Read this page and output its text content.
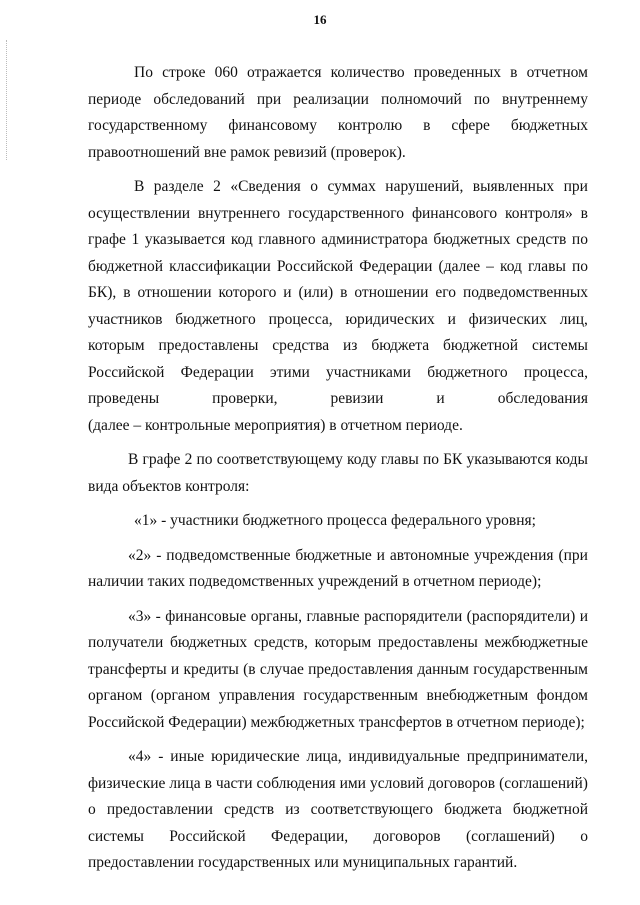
16
По строке 060 отражается количество проведенных в отчетном
периоде обследований при реализации полномочий по внутреннему
государственному финансовому контролю в сфере бюджетных
правоотношений вне рамок ревизий (проверок).
В разделе 2 «Сведения о суммах нарушений, выявленных при
осуществлении внутреннего государственного финансового контроля» в
графе 1 указывается код главного администратора бюджетных средств по
бюджетной классификации Российской Федерации (далее – код главы по
БК), в отношении которого и (или) в отношении его подведомственных
участников бюджетного процесса, юридических и физических лиц,
которым предоставлены средства из бюджета бюджетной системы
Российской Федерации этими участниками бюджетного процесса,
проведены	проверки,	ревизии	и	обследования
(далее – контрольные мероприятия) в отчетном периоде.
В графе 2 по соответствующему коду главы по БК указываются коды
вида объектов контроля:
«1» - участники бюджетного процесса федерального уровня;
«2» - подведомственные бюджетные и автономные учреждения (при
наличии таких подведомственных учреждений в отчетном периоде);
«3» - финансовые органы, главные распорядители (распорядители) и
получатели бюджетных средств, которым предоставлены межбюджетные
трансферты и кредиты (в случае предоставления данным государственным
органом (органом управления государственным внебюджетным фондом
Российской Федерации) межбюджетных трансфертов в отчетном периоде);
«4» - иные юридические лица, индивидуальные предприниматели,
физические лица в части соблюдения ими условий договоров (соглашений)
о предоставлении средств из соответствующего бюджета бюджетной
системы Российской Федерации, договоров (соглашений) о
предоставлении государственных или муниципальных гарантий.
